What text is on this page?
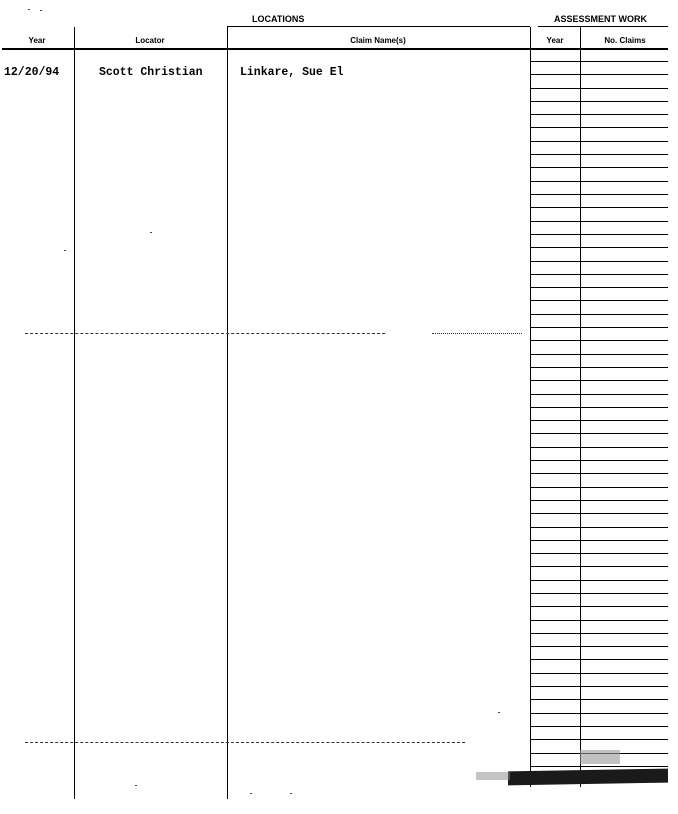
LOCATIONS	ASSESSMENT WORK
Year	Locator	Claim Name(s)	Year	No. Claims
12/20/94	Scott Christian	Linkare, Sue El
